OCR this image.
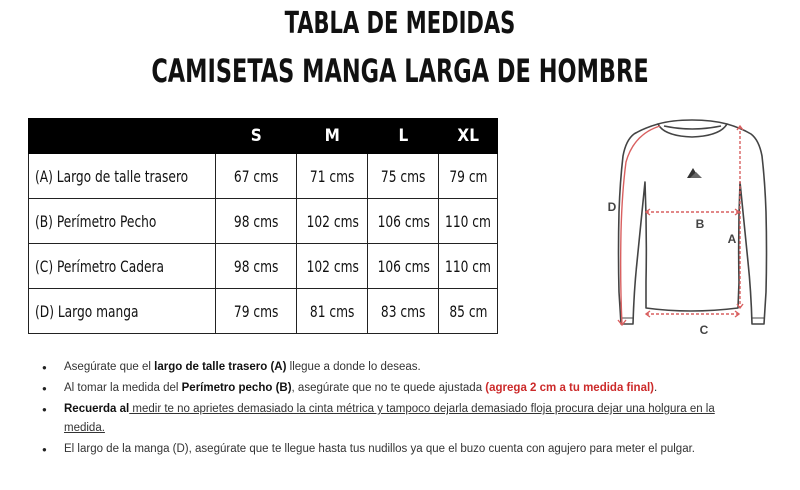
TABLA DE MEDIDAS
CAMISETAS MANGA LARGA DE HOMBRE
	S	M	L	XL
(A) Largo de talle trasero	67 cms	71 cms	75 cms	79 cm
(B) Perímetro Pecho	98 cms	102 cms	106 cms	110 cm
(C) Perímetro Cadera	98 cms	102 cms	106 cms	110 cm
(D) Largo manga	79 cms	81 cms	83 cms	85 cm
B
A
C
D
● Asegúrate que el largo de talle trasero (A) llegue a donde lo deseas.
● Al tomar la medida del Perímetro pecho (B), asegúrate que no te quede ajustada (agrega 2 cm a tu medida final).
● Recuerda al medir te no aprietes demasiado la cinta métrica y tampoco dejarla demasiado floja procura dejar una holgura en la medida.
● El largo de la manga (D), asegúrate que te llegue hasta tus nudillos ya que el buzo cuenta con agujero para meter el pulgar.
